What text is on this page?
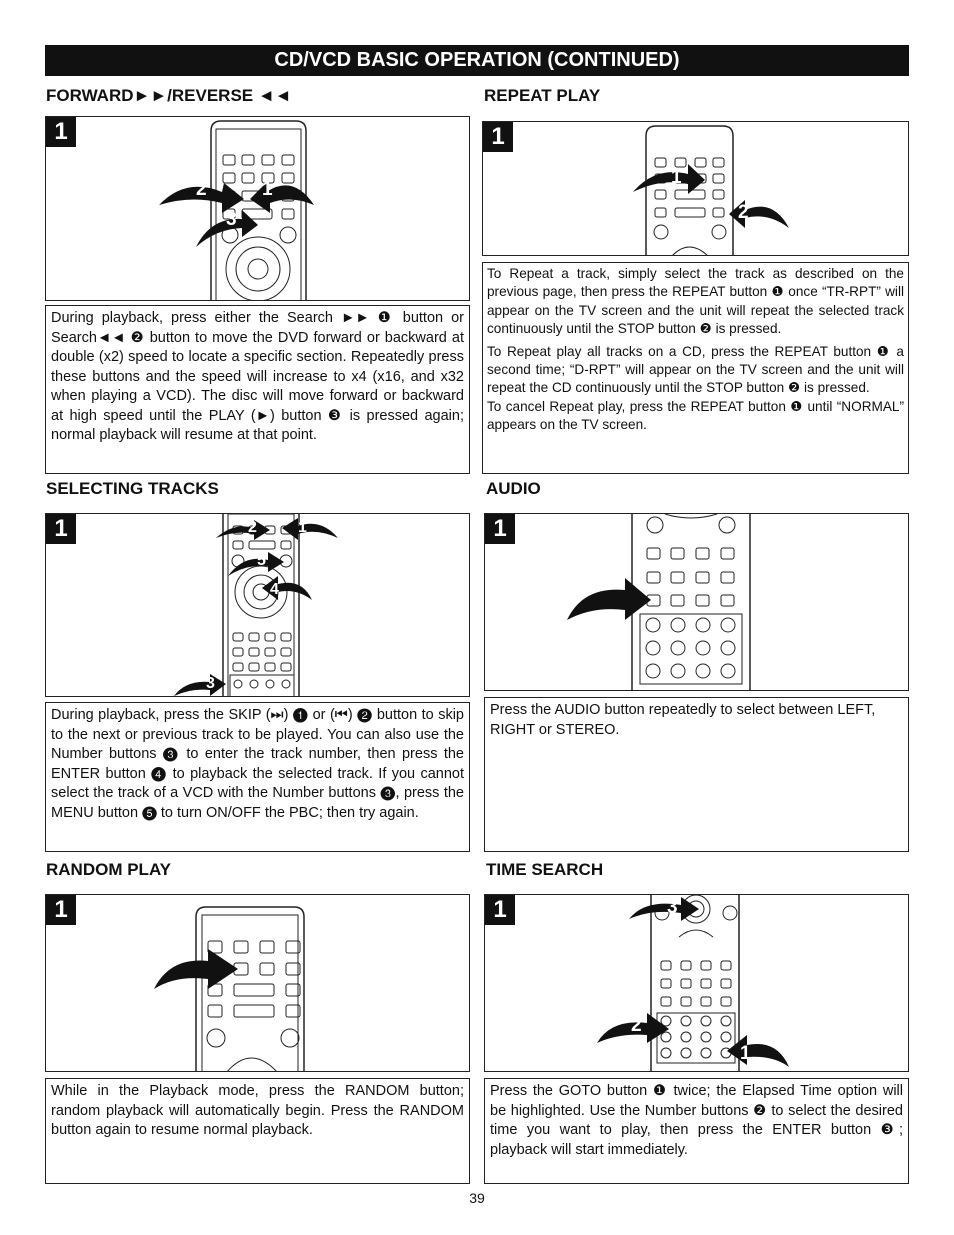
CD/VCD BASIC OPERATION (CONTINUED)
FORWARD►►/REVERSE ◄◄
1
2	1
3
During playback, press either the Search ►► ❶ button or Search◄◄ ❷ button to move the DVD forward or backward at double (x2) speed to locate a specific section. Repeatedly press these buttons and the speed will increase to x4 (x16, and x32 when playing a VCD). The disc will move forward or backward at high speed until the PLAY (►) button ❸ is pressed again; normal playback will resume at that point.
REPEAT PLAY
1
1
2

To Repeat a track, simply select the track as described on the previous page, then press the REPEAT button ❶ once “TR-RPT” will appear on the TV screen and the unit will repeat the selected track continuously until the STOP button ❷ is pressed.

To Repeat play all tracks on a CD, press the REPEAT button ❶ a second time; “D-RPT” will appear on the TV screen and the unit will repeat the CD continuously until the STOP button ❷ is pressed.

To cancel Repeat play, press the REPEAT button ❶ until “NORMAL” appears on the TV screen.

SELECTING TRACKS
1	2	1
5
4
3
During playback, press the SKIP (⏭) ❶ or (⏮) ❷ button to skip to the next or previous track to be played. You can also use the Number buttons ❸ to enter the track number, then press the ENTER button ❹ to playback the selected track. If you cannot select the track of a VCD with the Number buttons ❸, press the MENU button ❺ to turn ON/OFF the PBC; then try again.
AUDIO
1
Press the AUDIO button repeatedly to select between LEFT, RIGHT or STEREO.
RANDOM PLAY
1
While in the Playback mode, press the RANDOM button; random playback will automatically begin. Press the RANDOM button again to resume normal playback.
TIME SEARCH
1	3
2
1
Press the GOTO button ❶ twice; the Elapsed Time option will be highlighted. Use the Number buttons ❷ to select the desired time you want to play, then press the ENTER button ❸; playback will start immediately.
39
